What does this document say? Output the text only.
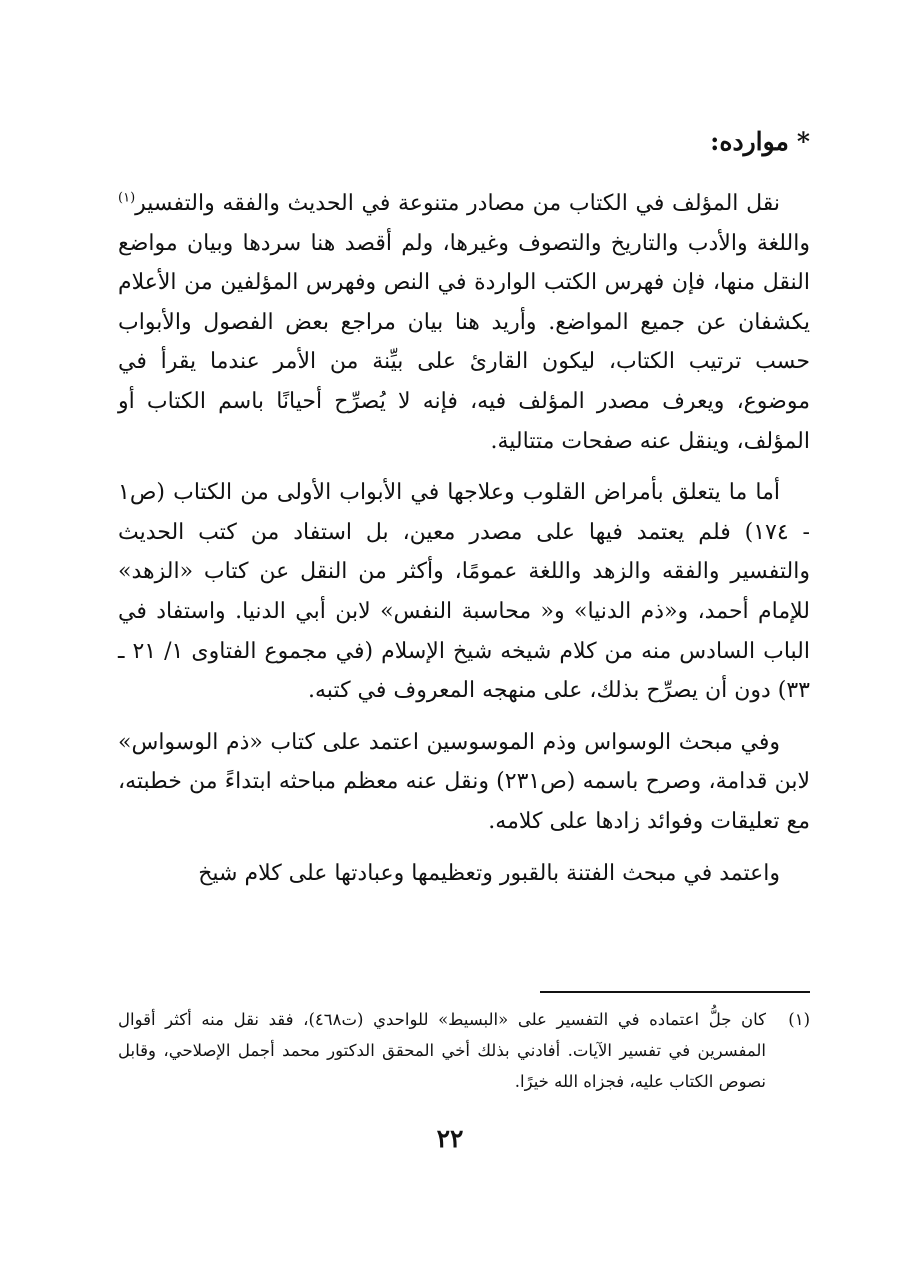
*موارده:

نقل المؤلف في الكتاب من مصادر متنوعة في الحديث والفقه والتفسير$^{(١)}$ واللغة والأدب والتاريخ والتصوف وغيرها، ولم أقصد هنا سردها وبيان مواضع النقل منها، فإن فهرس الكتب الواردة في النص وفهرس المؤلفين من الأعلام يكشفان عن جميع المواضع. وأريد هنا بيان مراجع بعض الفصول والأبواب حسب ترتيب الكتاب، ليكون القارئ على بيِّنة من الأمر عندما يقرأ في موضوع، ويعرف مصدر المؤلف فيه، فإنه لا يُصرِّح أحيانًا باسم الكتاب أو المؤلف، وينقل عنه صفحات متتالية.

أما ما يتعلق بأمراض القلوب وعلاجها في الأبواب الأولى من الكتاب (ص١ - ١٧٤) فلم يعتمد فيها على مصدر معين، بل استفاد من كتب الحديث والتفسير والفقه والزهد واللغة عمومًا، وأكثر من النقل عن كتاب «الزهد» للإمام أحمد، و«ذم الدنيا» و« محاسبة النفس» لابن أبي الدنيا. واستفاد في الباب السادس منه من كلام شيخه شيخ الإسلام (في مجموع الفتاوى ١/ ٢١ ـ ٣٣) دون أن يصرِّح بذلك، على منهجه المعروف في كتبه.

وفي مبحث الوسواس وذم الموسوسين اعتمد على كتاب «ذم الوسواس» لابن قدامة، وصرح باسمه (ص٢٣١) ونقل عنه معظم مباحثه ابتداءً من خطبته، مع تعليقات وفوائد زادها على كلامه.

واعتمد في مبحث الفتنة بالقبور وتعظيمها وعبادتها على كلام شيخ

(١)
كان جلُّ اعتماده في التفسير على «البسيط» للواحدي (ت٤٦٨)، فقد نقل منه أكثر أقوال المفسرين في تفسير الآيات. أفادني بذلك أخي المحقق الدكتور محمد أجمل الإصلاحي، وقابل نصوص الكتاب عليه، فجزاه الله خيرًا.
٢٢
